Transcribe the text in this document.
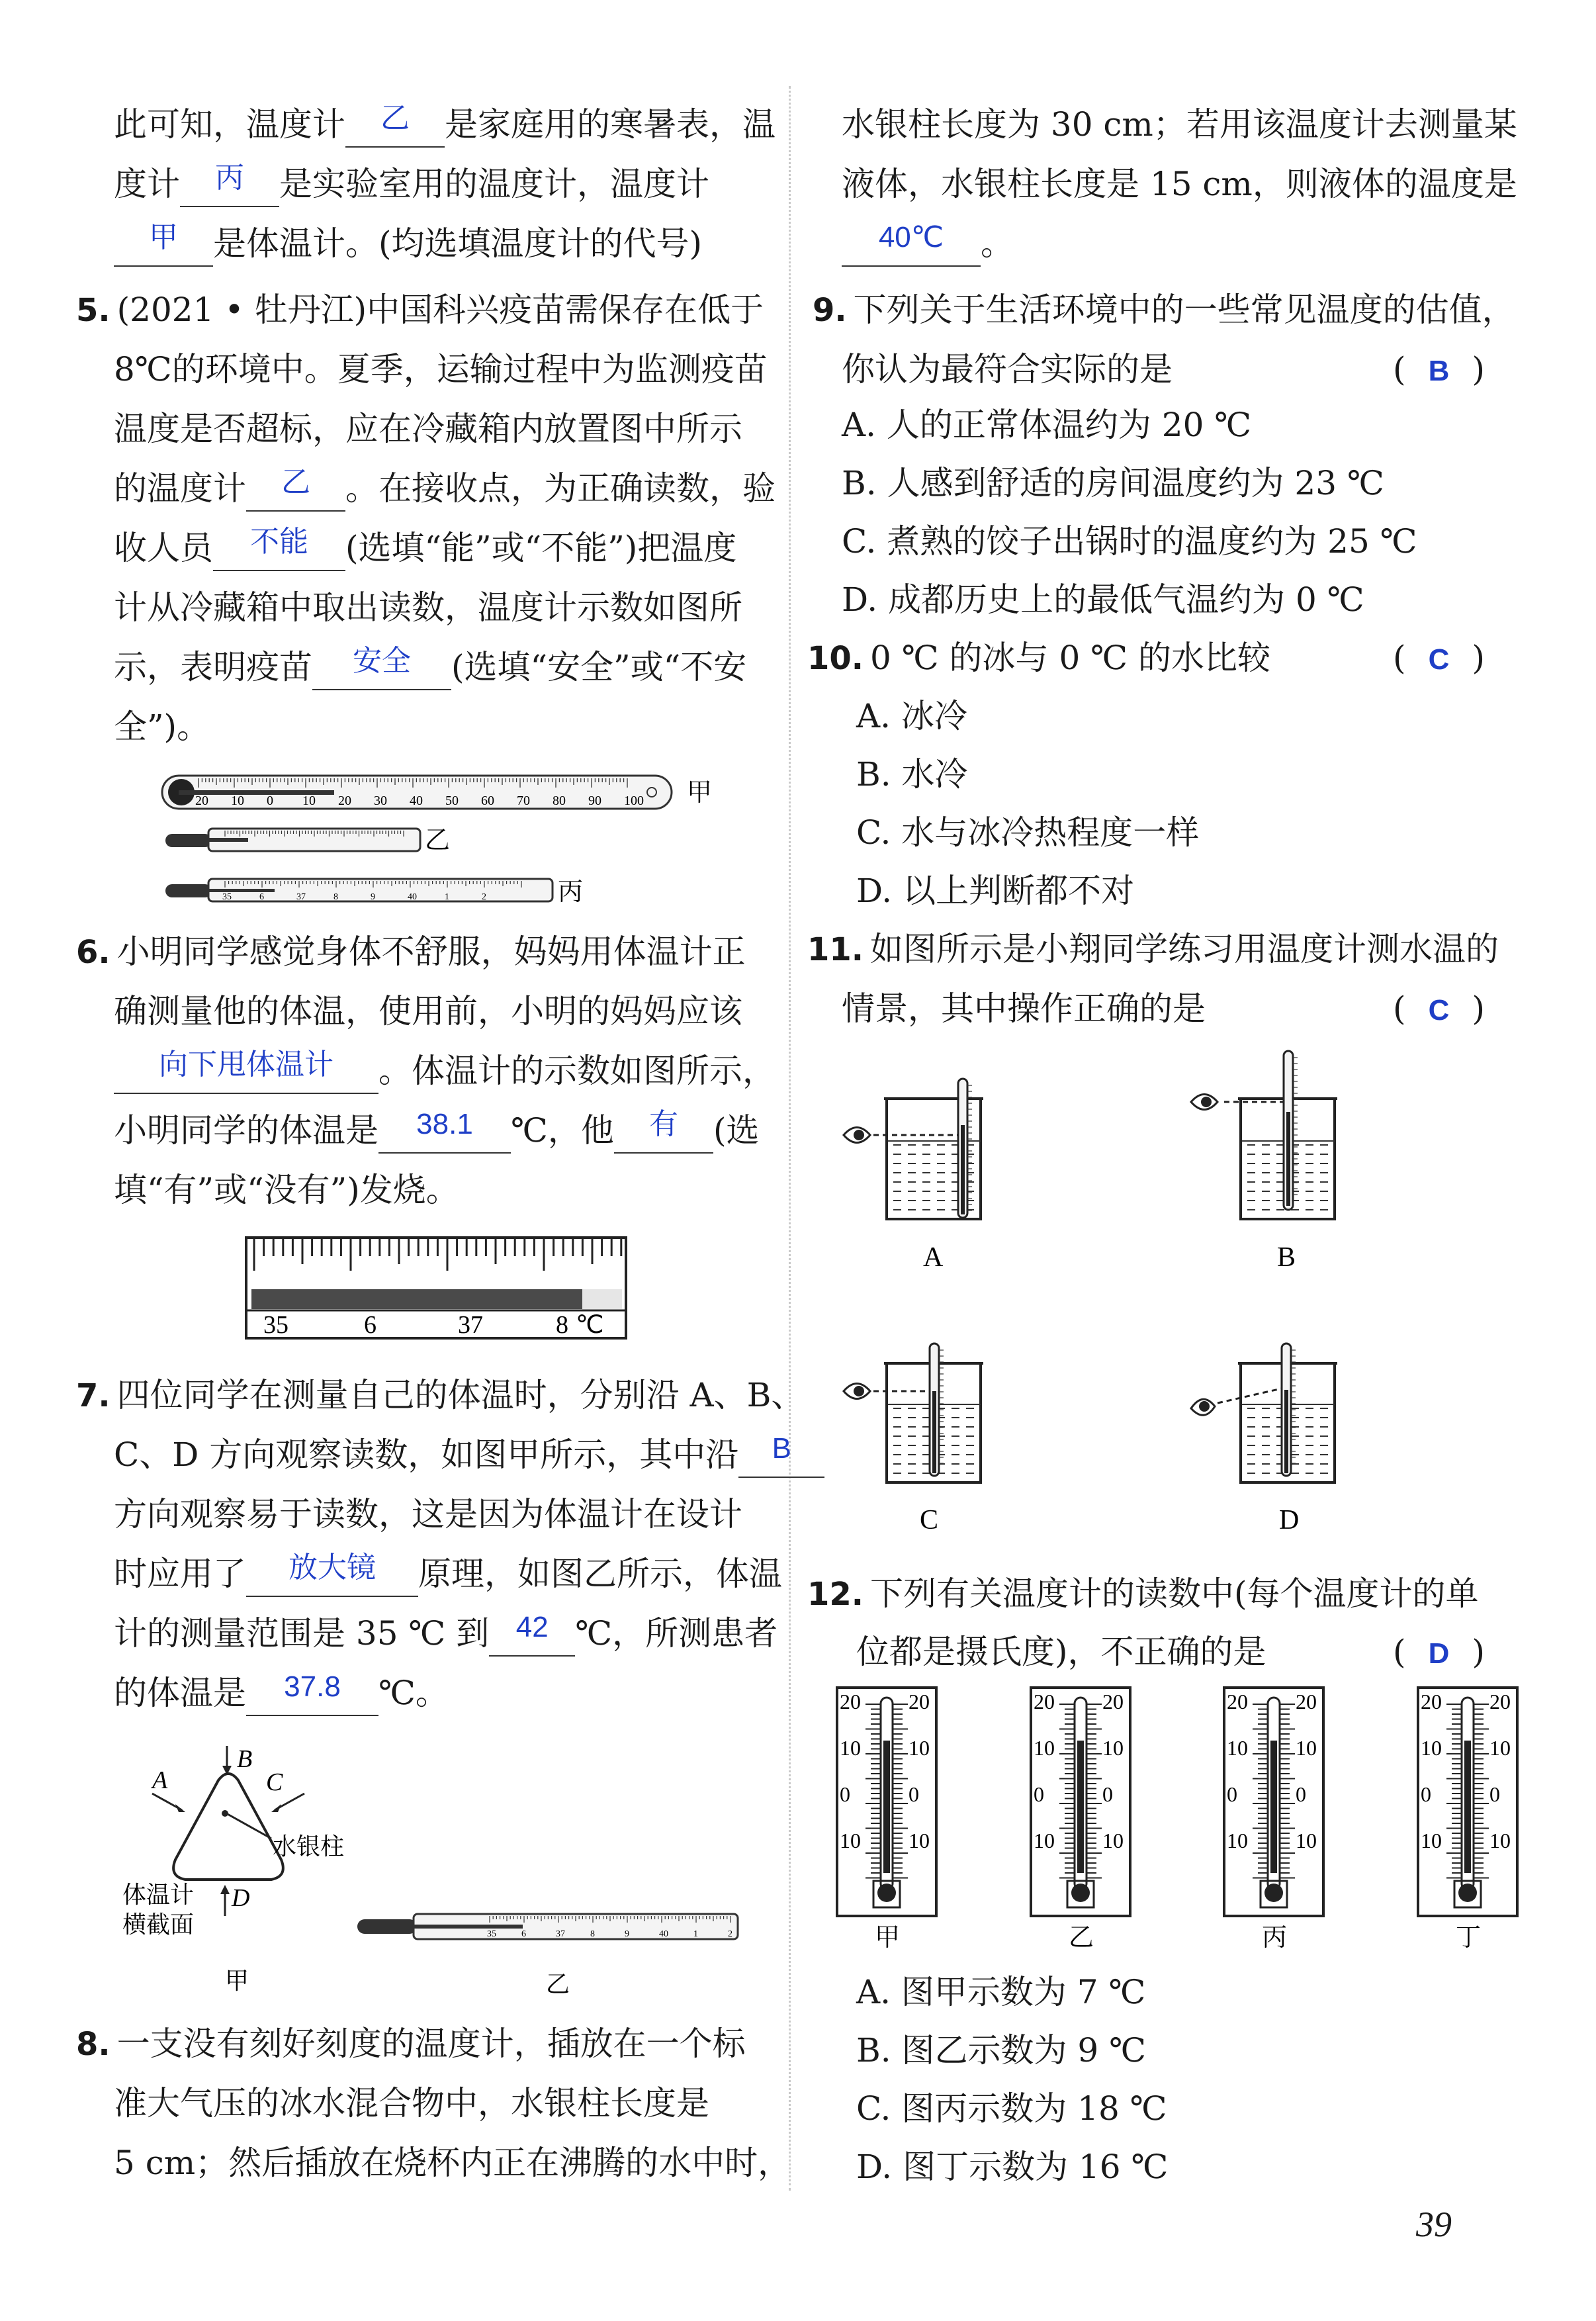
此可知，温度计 乙 是家庭用的寒暑表，温
度计 丙 是实验室用的温度计，温度计
甲 是体温计。(均选填温度计的代号)
5. (2021 • 牡丹江)中国科兴疫苗需保存在低于
8℃的环境中。夏季，运输过程中为监测疫苗
温度是否超标，应在冷藏箱内放置图中所示
的温度计 乙 。在接收点，为正确读数，验
收人员 不能 (选填“能”或“不能”)把温度
计从冷藏箱中取出读数，温度计示数如图所
示，表明疫苗 安全 (选填“安全”或“不安
全”)。
20 10 0 10 20 30 40 50 60 70 80 90 100 甲
乙
35	6	37	8	9	40	1	2	丙
6. 小明同学感觉身体不舒服，妈妈用体温计正
确测量他的体温，使用前，小明的妈妈应该
向下甩体温计 。体温计的示数如图所示，
小明同学的体温是 38.1 ℃，他 有 (选
填“有”或“没有”)发烧。
35	6	37	8 ℃
7. 四位同学在测量自己的体温时，分别沿 A、B、
C、D 方向观察读数，如图甲所示，其中沿 B
方向观察易于读数，这是因为体温计在设计
时应用了 放大镜 原理，如图乙所示，体温
计的测量范围是 35 ℃ 到 42 ℃，所测患者
的体温是 37.8 ℃。
A
B
C
D
水银柱
体温计
横截面
甲
35	6	37	8	9	40	1	2
乙
8. 一支没有刻好刻度的温度计，插放在一个标
准大气压的冰水混合物中，水银柱长度是
5 cm；然后插放在烧杯内正在沸腾的水中时，
水银柱长度为 30 cm；若用该温度计去测量某
液体，水银柱长度是 15 cm，则液体的温度是
40℃ 。
9. 下列关于生活环境中的一些常见温度的估值，
你认为最符合实际的是	( B )
A. 人的正常体温约为 20 ℃
B. 人感到舒适的房间温度约为 23 ℃
C. 煮熟的饺子出锅时的温度约为 25 ℃
D. 成都历史上的最低气温约为 0 ℃
10. 0 ℃ 的冰与 0 ℃ 的水比较	( C )
A. 冰冷
B. 水冷
C. 水与冰冷热程度一样
D. 以上判断都不对
11. 如图所示是小翔同学练习用温度计测水温的
情景，其中操作正确的是	( C )
A	B
C	D
12. 下列有关温度计的读数中(每个温度计的单
位都是摄氏度)，不正确的是	( D )
20
10
0
10
20
10
0
10
甲
20
10
0
10
20
10
0
10
乙
20
10
0
10
20
10
0
10
丙
20
10
0
10
20
10
0
10
丁
A. 图甲示数为 7 ℃
B. 图乙示数为 9 ℃
C. 图丙示数为 18 ℃
D. 图丁示数为 16 ℃
39
